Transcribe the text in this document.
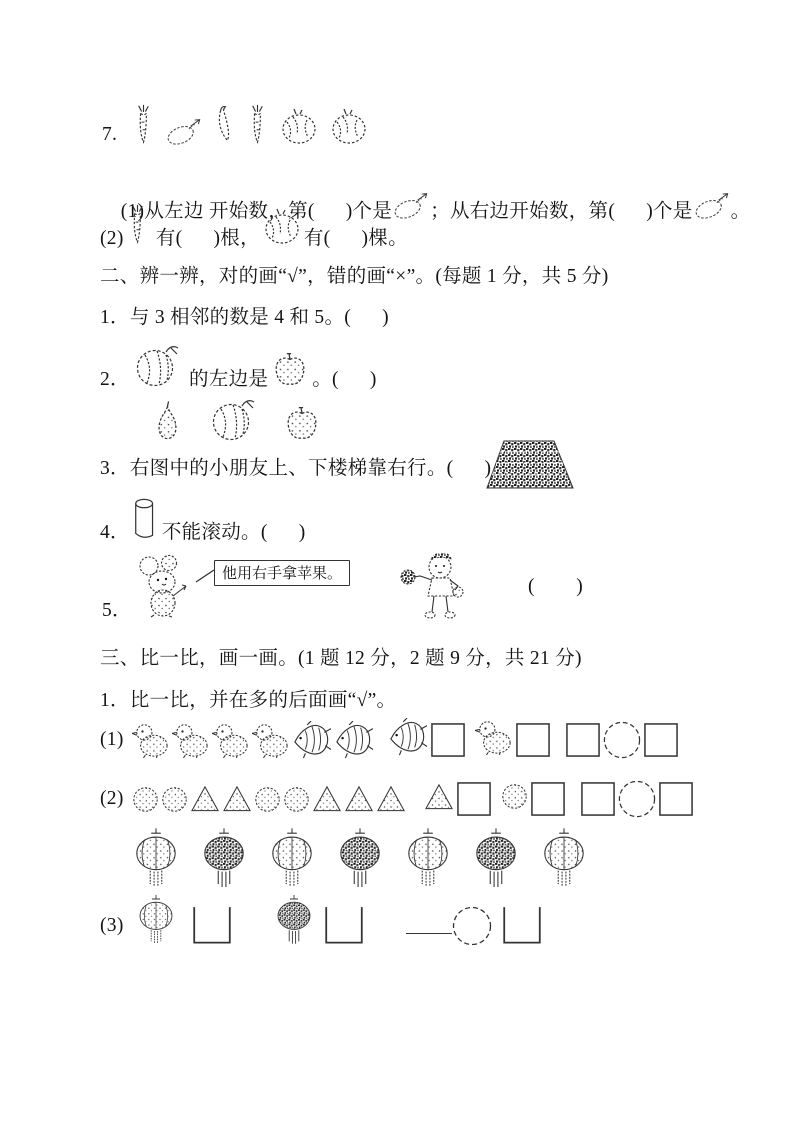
7.

(1)从左边 开始数，第(      )个是 ；从右边开始数，第(      )个是 。

(2) 有(      )根， 有(      )棵。
二、辨一辨，对的画“√”，错的画“×”。(每题 1 分，共 5 分)
1．与 3 相邻的数是 4 和 5。(      )
2．	的左边是 。(      )
3．右图中的小朋友上、下楼梯靠右行。(      )
4． 不能滚动。(      )
5．
他用右手拿苹果。
(        )
三、比一比，画一画。(1 题 12 分，2 题 9 分，共 21 分)
1．比一比，并在多的后面画“√”。
(1)
(2)
(3)
